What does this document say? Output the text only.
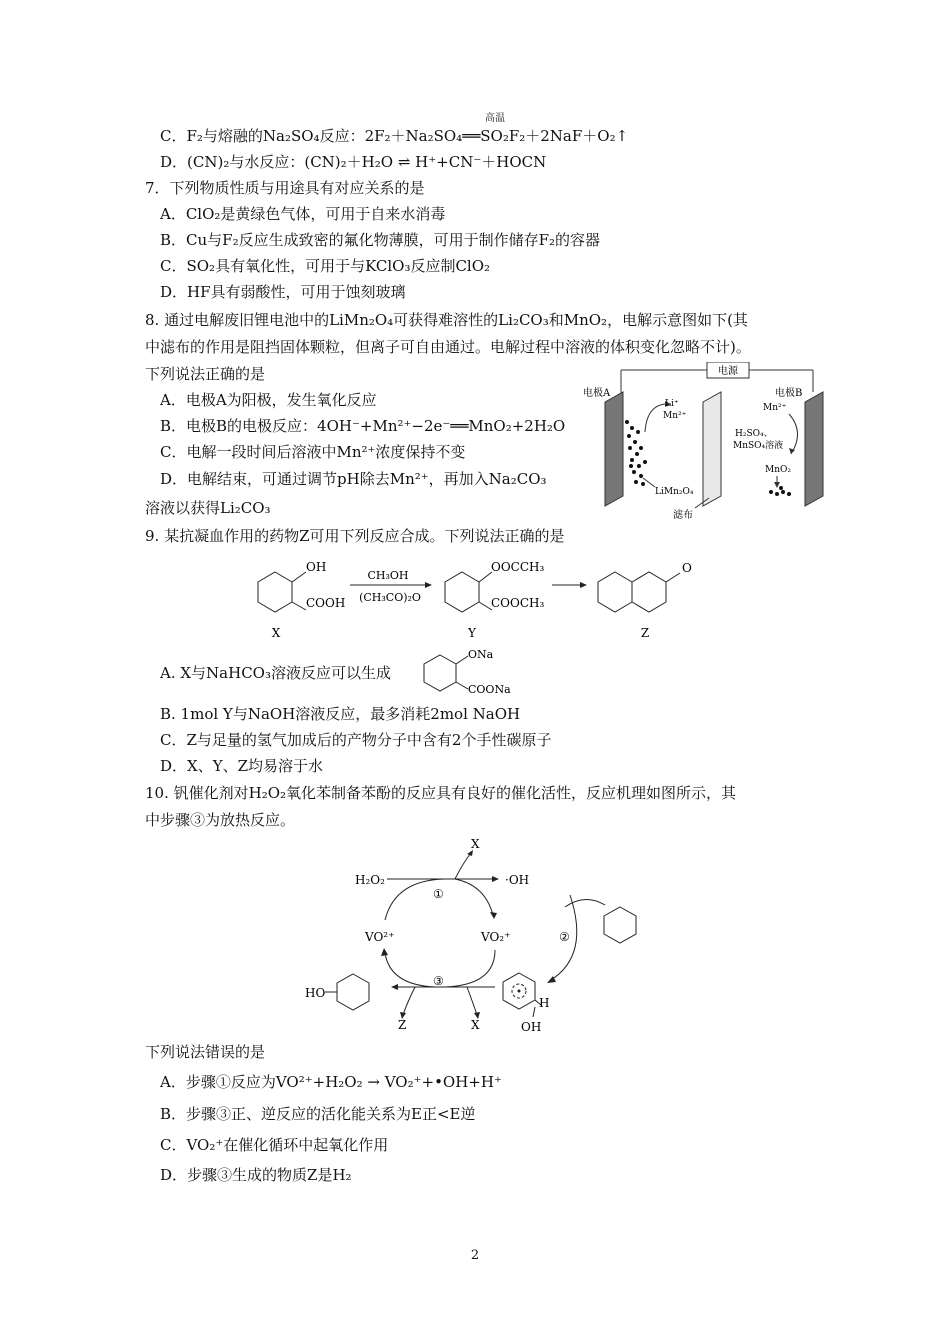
C．F₂与熔融的Na₂SO₄反应：2F₂＋Na₂SO₄══SO₂F₂＋2NaF＋O₂↑
高温
D．(CN)₂与水反应：(CN)₂＋H₂O ⇌ H⁺+CN⁻＋HOCN
7．下列物质性质与用途具有对应关系的是
A．ClO₂是黄绿色气体，可用于自来水消毒
B．Cu与F₂反应生成致密的氟化物薄膜，可用于制作储存F₂的容器
C．SO₂具有氧化性，可用于与KClO₃反应制ClO₂
D．HF具有弱酸性，可用于蚀刻玻璃
8. 通过电解废旧锂电池中的LiMn₂O₄可获得难溶性的Li₂CO₃和MnO₂，电解示意图如下(其
中滤布的作用是阻挡固体颗粒，但离子可自由通过。电解过程中溶液的体积变化忽略不计)。
下列说法正确的是
A．电极A为阳极，发生氧化反应
B．电极B的电极反应：4OH⁻+Mn²⁺−2e⁻══MnO₂+2H₂O
C．电解一段时间后溶液中Mn²⁺浓度保持不变
D．电解结束，可通过调节pH除去Mn²⁺，再加入Na₂CO₃
溶液以获得Li₂CO₃
电源
电极A	电极B
Li⁺
Mn²⁺
LiMn₂O₄
Mn²⁺
H₂SO₄、
MnSO₄溶液
MnO₂
滤布
9. 某抗凝血作用的药物Z可用下列反应合成。下列说法正确的是
OH
COOH
X
CH₃OH
(CH₃CO)₂O
OOCCH₃
COOCH₃
Y
O
Z
A. X与NaHCO₃溶液反应可以生成
ONa
COONa
B. 1mol Y与NaOH溶液反应，最多消耗2mol NaOH
C．Z与足量的氢气加成后的产物分子中含有2个手性碳原子
D．X、Y、Z均易溶于水
10. 钒催化剂对H₂O₂氧化苯制备苯酚的反应具有良好的催化活性，反应机理如图所示，其
中步骤③为放热反应。
H₂O₂
X
·OH
①
VO²⁺	VO₂⁺
③
Z	X
HO
②
H
OH
下列说法错误的是
A．步骤①反应为VO²⁺+H₂O₂ → VO₂⁺+•OH+H⁺
B．步骤③正、逆反应的活化能关系为E正<E逆
C．VO₂⁺在催化循环中起氧化作用
D．步骤③生成的物质Z是H₂
2
